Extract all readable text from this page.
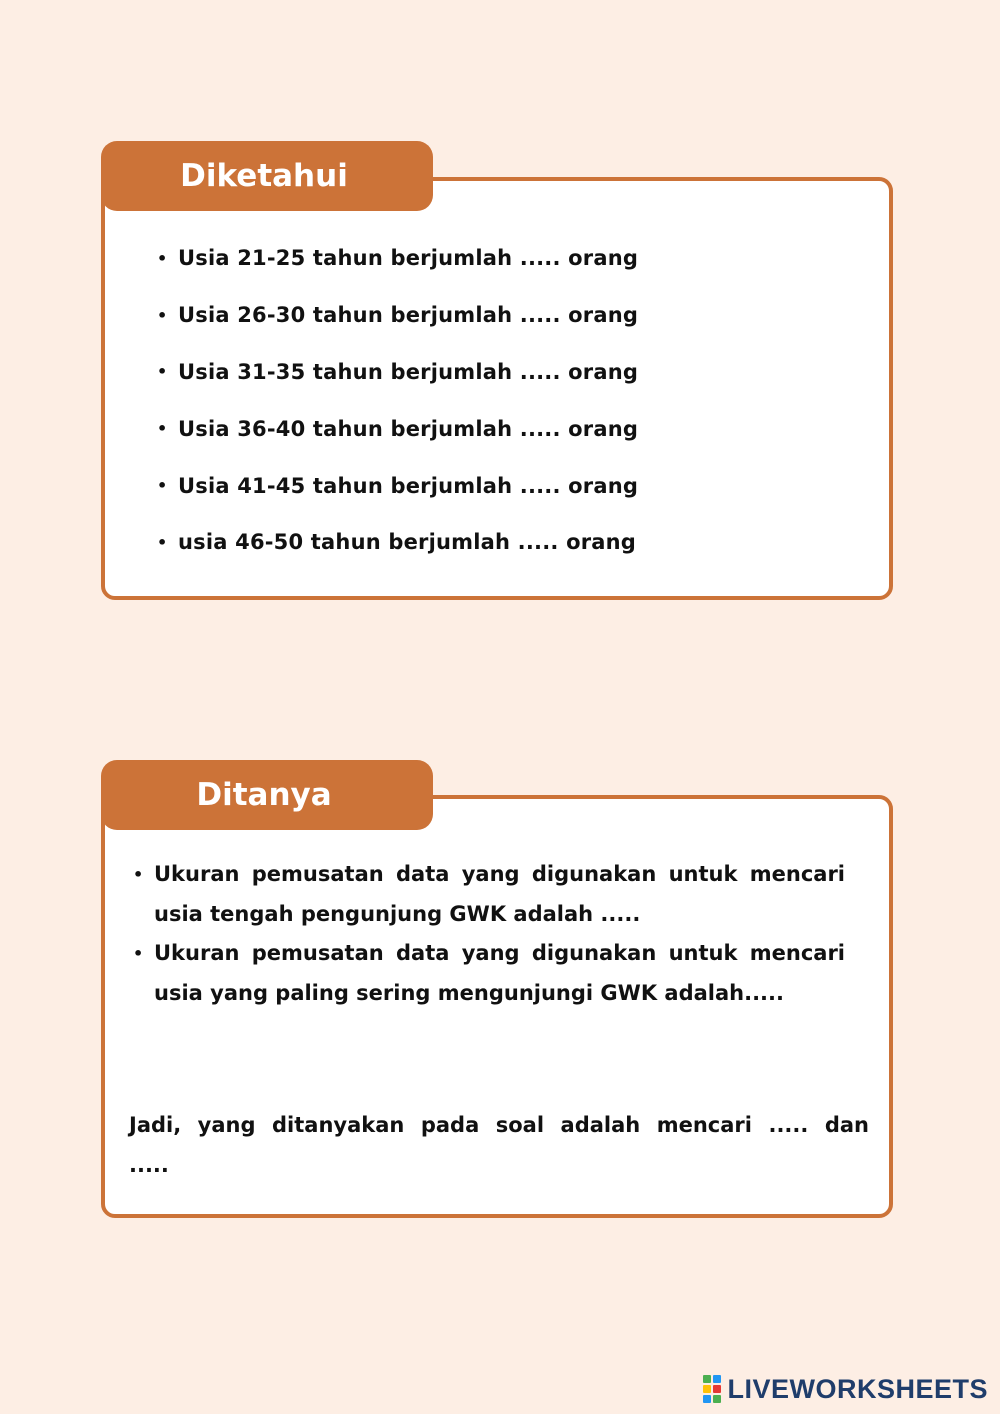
Diketahui
• Usia 21-25 tahun berjumlah ..... orang
• Usia 26-30 tahun berjumlah ..... orang
• Usia 31-35 tahun berjumlah ..... orang
• Usia 36-40 tahun berjumlah ..... orang
• Usia 41-45 tahun berjumlah ..... orang
• usia 46-50 tahun berjumlah ..... orang
Ditanya
• Ukuran pemusatan data yang digunakan untuk mencari usia tengah pengunjung GWK adalah .....
• Ukuran pemusatan data yang digunakan untuk mencari usia yang paling sering mengunjungi GWK adalah.....
Jadi, yang ditanyakan pada soal adalah mencari ..... dan .....
LIVEWORKSHEETS
